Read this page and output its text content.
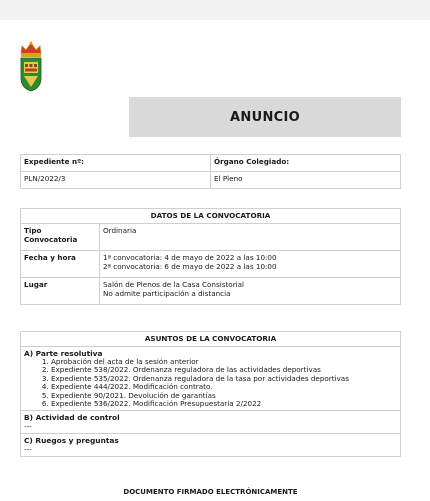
ANUNCIO
Expediente nº:	Órgano Colegiado:
PLN/2022/3	El Pleno
DATOS DE LA CONVOCATORIA	
Tipo Convocatoria	Ordinaria
Fecha y hora	1ª convocatoria: 4 de mayo de 2022 a las 10:00
2ª convocatoria: 6 de mayo de 2022 a las 10:00

Lugar	Salón de Plenos de la Casa Consistorial
No admite participación a distancia
ASUNTOS DE LA CONVOCATORIA

A) Parte resolutiva
1. Aprobación del acta de la sesión anterior
2. Expediente 538/2022. Ordenanza reguladora de las actividades deportivas
3. Expediente 535/2022. Ordenanza reguladora de la tasa por actividades deportivas
4. Expediente 444/2022. Modificación contrato.
5. Expediente 90/2021. Devolución de garantías
6. Expediente 536/2022. Modificación Presupuestaria 2/2022

B) Actividad de control
---

C) Ruegos y preguntas
---
DOCUMENTO FIRMADO ELECTRÓNICAMENTE
